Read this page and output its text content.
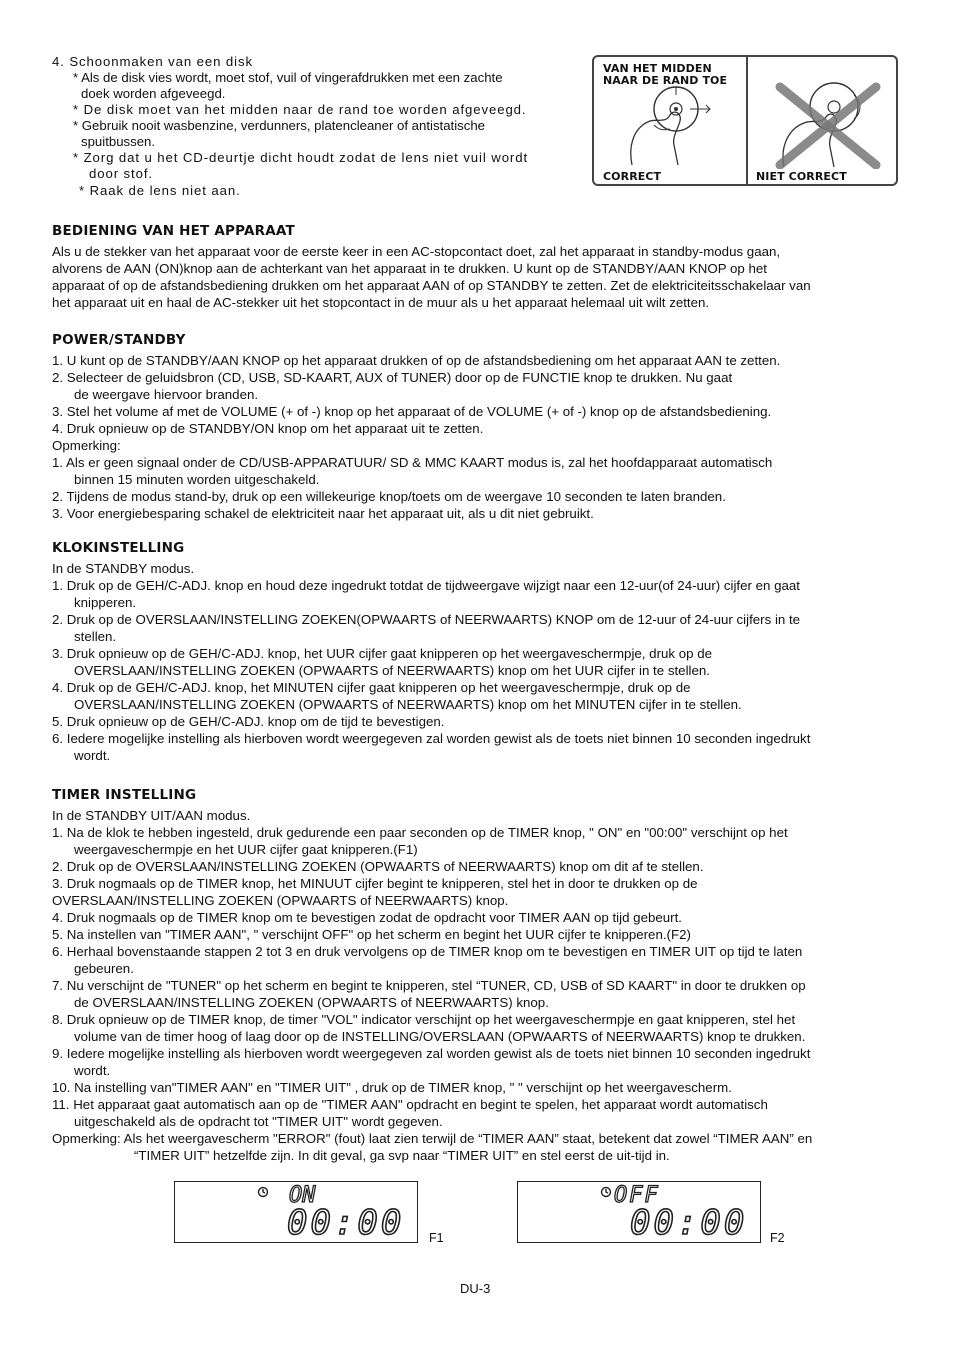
4. Schoonmaken van een disk
* Als de disk vies wordt, moet stof, vuil of vingerafdrukken met een zachte
doek worden afgeveegd.
* De disk moet van het midden naar de rand toe worden afgeveegd.
* Gebruik nooit wasbenzine, verdunners, platencleaner of antistatische
spuitbussen.
* Zorg dat u het CD-deurtje dicht houdt zodat de lens niet vuil wordt
door stof.
* Raak de lens niet aan.
VAN HET MIDDEN
NAAR DE RAND TOE
CORRECT	NIET CORRECT
BEDIENING VAN HET APPARAAT
Als u de stekker van het apparaat voor de eerste keer in een AC-stopcontact doet, zal het apparaat in standby-modus gaan,
alvorens de AAN (ON)knop aan de achterkant van het apparaat in te drukken. U kunt op de STANDBY/AAN KNOP op het
apparaat of op de afstandsbediening drukken om het apparaat AAN of op STANDBY te zetten. Zet de elektriciteitsschakelaar van
het apparaat uit en haal de AC-stekker uit het stopcontact in de muur als u het apparaat helemaal uit wilt zetten.
POWER/STANDBY
1. U kunt op de STANDBY/AAN KNOP op het apparaat drukken of op de afstandsbediening om het apparaat AAN te zetten.
2. Selecteer de geluidsbron (CD, USB, SD-KAART, AUX of TUNER) door op de FUNCTIE knop te drukken. Nu gaat
de weergave hiervoor branden.
3. Stel het volume af met de VOLUME (+ of -) knop op het apparaat of de VOLUME (+ of -) knop op de afstandsbediening.
4. Druk opnieuw op de STANDBY/ON knop om het apparaat uit te zetten.
Opmerking:
1. Als er geen signaal onder de CD/USB-APPARATUUR/ SD & MMC KAART modus is, zal het hoofdapparaat automatisch
binnen 15 minuten worden uitgeschakeld.
2. Tijdens de modus stand-by, druk op een willekeurige knop/toets om de weergave 10 seconden te laten branden.
3. Voor energiebesparing schakel de elektriciteit naar het apparaat uit, als u dit niet gebruikt.
KLOKINSTELLING
In de STANDBY modus.
1. Druk op de GEH/C-ADJ. knop en houd deze ingedrukt totdat de tijdweergave wijzigt naar een 12-uur(of 24-uur) cijfer en gaat
knipperen.
2. Druk op de OVERSLAAN/INSTELLING ZOEKEN(OPWAARTS of NEERWAARTS) KNOP om de 12-uur of 24-uur cijfers in te
stellen.
3. Druk opnieuw op de GEH/C-ADJ. knop, het UUR cijfer gaat knipperen op het weergaveschermpje, druk op de
OVERSLAAN/INSTELLING ZOEKEN (OPWAARTS of NEERWAARTS) knop om het UUR cijfer in te stellen.
4. Druk op de GEH/C-ADJ. knop, het MINUTEN cijfer gaat knipperen op het weergaveschermpje, druk op de
OVERSLAAN/INSTELLING ZOEKEN (OPWAARTS of NEERWAARTS) knop om het MINUTEN cijfer in te stellen.
5. Druk opnieuw op de GEH/C-ADJ. knop om de tijd te bevestigen.
6. Iedere mogelijke instelling als hierboven wordt weergegeven zal worden gewist als de toets niet binnen 10 seconden ingedrukt
wordt.
TIMER INSTELLING
In de STANDBY UIT/AAN modus.
1. Na de klok te hebben ingesteld, druk gedurende een paar seconden op de TIMER knop, " ON" en "00:00" verschijnt op het
weergaveschermpje en het UUR cijfer gaat knipperen.(F1)
2. Druk op de OVERSLAAN/INSTELLING ZOEKEN (OPWAARTS of NEERWAARTS) knop om dit af te stellen.
3. Druk nogmaals op de TIMER knop, het MINUUT cijfer begint te knipperen, stel het in door te drukken op de
OVERSLAAN/INSTELLING ZOEKEN (OPWAARTS of NEERWAARTS) knop.
4. Druk nogmaals op de TIMER knop om te bevestigen zodat de opdracht voor TIMER AAN op tijd gebeurt.
5. Na instellen van "TIMER AAN", " verschijnt OFF" op het scherm en begint het UUR cijfer te knipperen.(F2)
6. Herhaal bovenstaande stappen 2 tot 3 en druk vervolgens op de TIMER knop om te bevestigen en TIMER UIT op tijd te laten
gebeuren.
7. Nu verschijnt de "TUNER" op het scherm en begint te knipperen, stel “TUNER, CD, USB of SD KAART" in door te drukken op
de OVERSLAAN/INSTELLING ZOEKEN (OPWAARTS of NEERWAARTS) knop.
8. Druk opnieuw op de TIMER knop, de timer "VOL" indicator verschijnt op het weergaveschermpje en gaat knipperen, stel het
volume van de timer hoog of laag door op de INSTELLING/OVERSLAAN (OPWAARTS of NEERWAARTS) knop te drukken.
9. Iedere mogelijke instelling als hierboven wordt weergegeven zal worden gewist als de toets niet binnen 10 seconden ingedrukt
wordt.
10. Na instelling van"TIMER AAN" en "TIMER UIT" , druk op de TIMER knop, " " verschijnt op het weergavescherm.
11. Het apparaat gaat automatisch aan op de "TIMER AAN" opdracht en begint te spelen, het apparaat wordt automatisch
uitgeschakeld als de opdracht tot "TIMER UIT" wordt gegeven.
Opmerking: Als het weergavescherm "ERROR" (fout) laat zien terwijl de “TIMER AAN” staat, betekent dat zowel “TIMER AAN” en
“TIMER UIT” hetzelfde zijn. In dit geval, ga svp naar “TIMER UIT” en stel eerst de uit-tijd in.
ON
00:00 F1
OFF
00:00 F2
DU-3
